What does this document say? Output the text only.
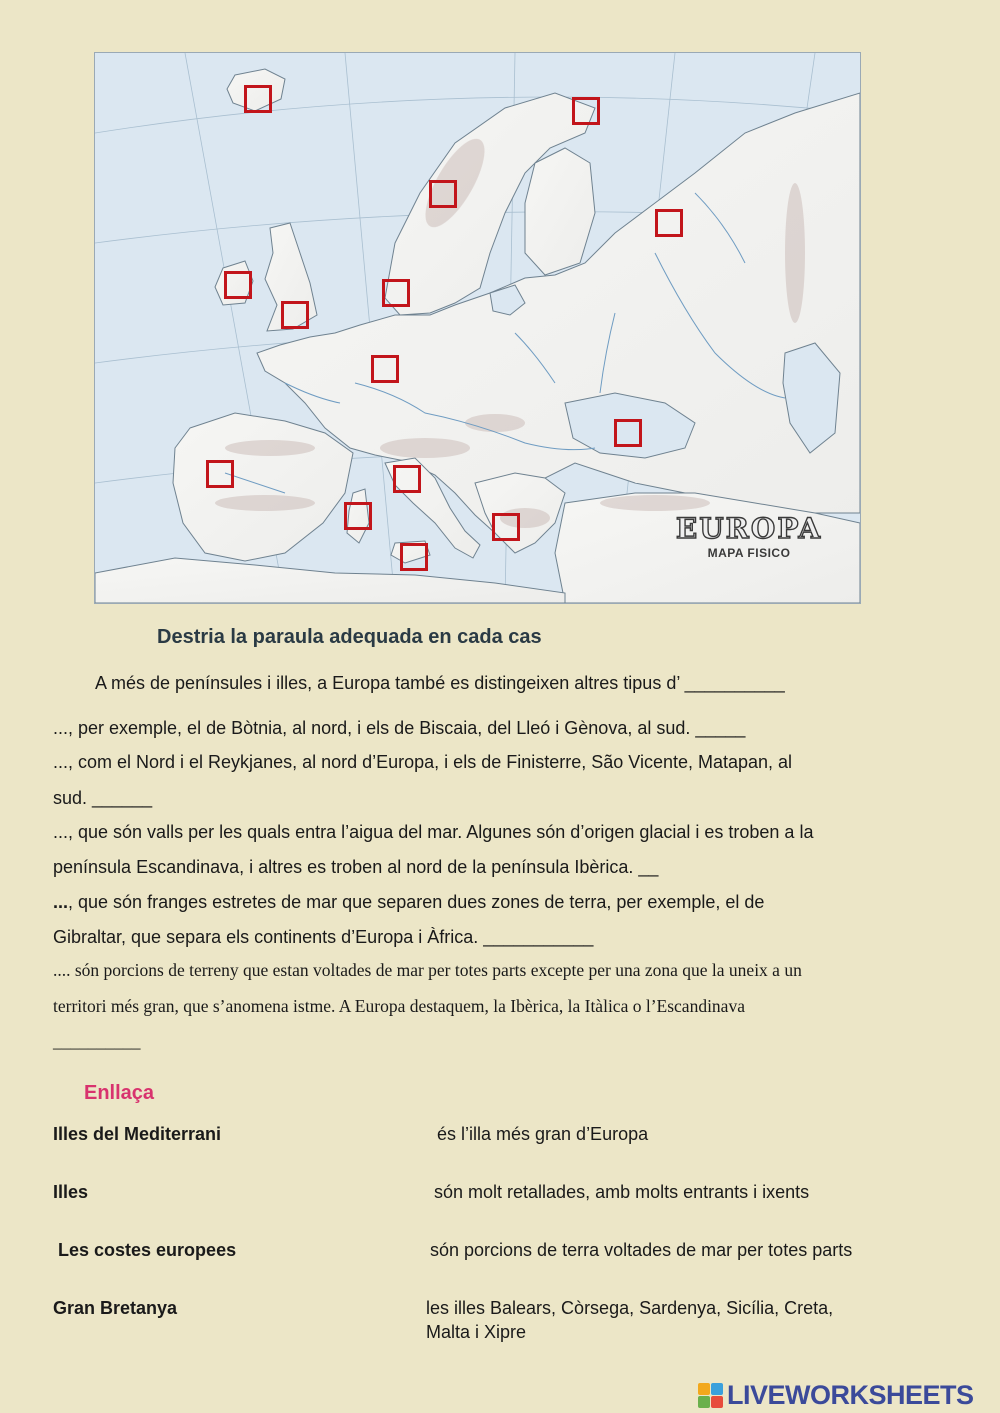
EUROPA
MAPA FISICO
Destria la paraula adequada en cada cas
A més de penínsules i illes, a Europa també es distingeixen altres tipus d’ __________
..., per exemple, el de Bòtnia, al nord, i els de Biscaia, del Lleó i Gènova, al sud. _____
..., com el Nord i el Reykjanes, al nord d’Europa, i els de Finisterre, São Vicente, Matapan, al
sud. ______
..., que són valls per les quals entra l’aigua del mar. Algunes són d’origen glacial i es troben a la
península Escandinava, i altres es troben al nord de la península Ibèrica. __
..., que són franges estretes de mar que separen dues zones de terra, per exemple, el de
Gibraltar, que separa els continents d’Europa i Àfrica. ___________
.... són porcions de terreny que estan voltades de mar per totes parts excepte per una zona que la uneix a un
territori més gran, que s’anomena istme. A Europa destaquem, la Ibèrica, la Itàlica o l’Escandinava
__________
Enllaça
Illes del Mediterrani
Illes
Les costes europees
Gran Bretanya
és l’illa més gran d’Europa
són molt retallades, amb molts entrants i ixents
són porcions de terra voltades de mar per totes parts
les illes Balears, Còrsega, Sardenya, Sicília, Creta,
Malta i Xipre
LIVEWORKSHEETS
